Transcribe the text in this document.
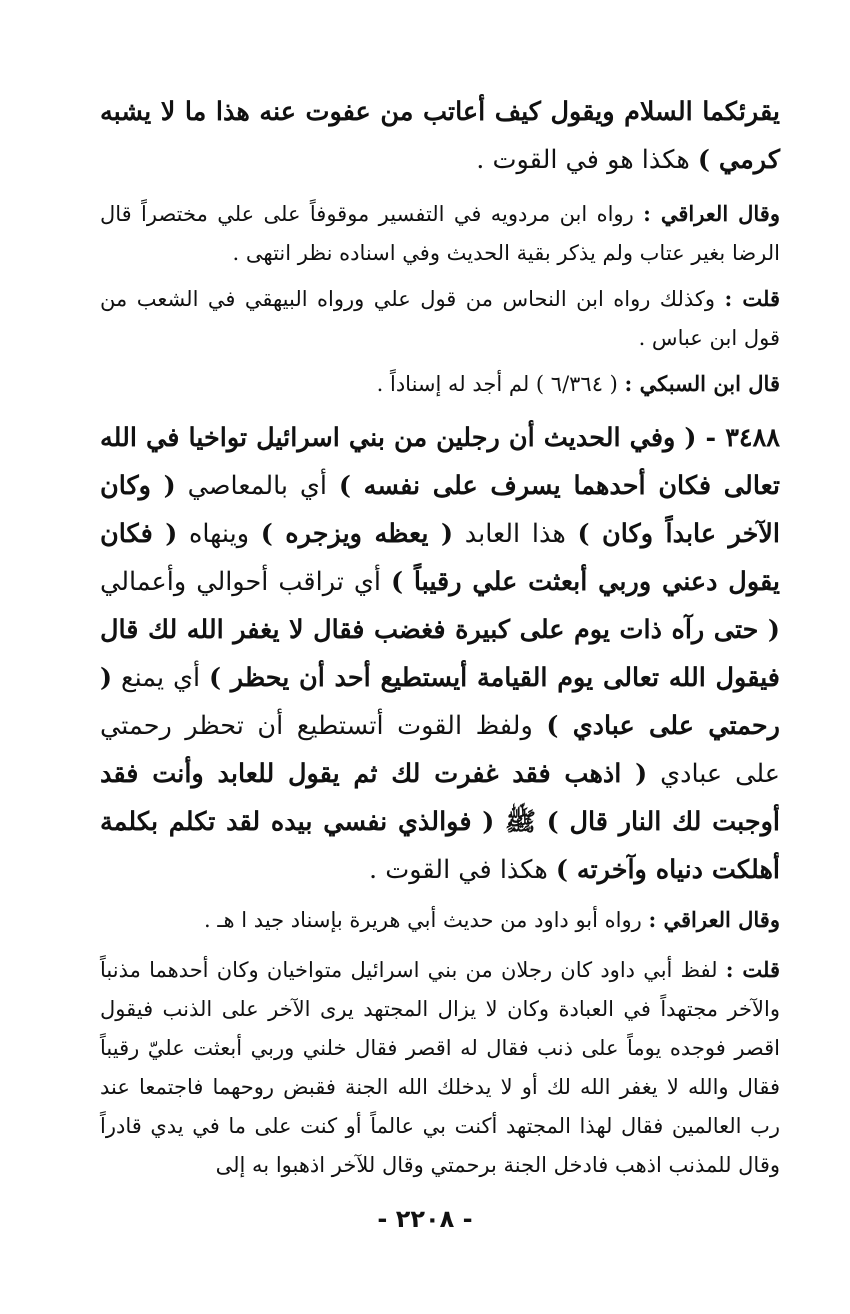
يقرئكما السلام ويقول كيف أعاتب من عفوت عنه هذا ما لا يشبه كرمي ) هكذا هو في القوت .

وقال العراقي : رواه ابن مردويه في التفسير موقوفاً على علي مختصراً قال الرضا بغير عتاب ولم يذكر بقية الحديث وفي اسناده نظر انتهى .

قلت : وكذلك رواه ابن النحاس من قول علي ورواه البيهقي في الشعب من قول ابن عباس .

قال ابن السبكي : ( ٦/٣٦٤ ) لم أجد له إسناداً .

٣٤٨٨ - ( وفي الحديث أن رجلين من بني اسرائيل تواخيا في الله تعالى فكان أحدهما يسرف على نفسه ) أي بالمعاصي ( وكان الآخر عابداً وكان ) هذا العابد ( يعظه ويزجره ) وينهاه ( فكان يقول دعني وربي أبعثت علي رقيباً ) أي تراقب أحوالي وأعمالي ( حتى رآه ذات يوم على كبيرة فغضب فقال لا يغفر الله لك قال فيقول الله تعالى يوم القيامة أيستطيع أحد أن يحظر ) أي يمنع ( رحمتي على عبادي ) ولفظ القوت أتستطيع أن تحظر رحمتي على عبادي ( اذهب فقد غفرت لك ثم يقول للعابد وأنت فقد أوجبت لك النار قال ) ﷺ ( فوالذي نفسي بيده لقد تكلم بكلمة أهلكت دنياه وآخرته ) هكذا في القوت .

وقال العراقي : رواه أبو داود من حديث أبي هريرة بإسناد جيد ا هـ .

قلت : لفظ أبي داود كان رجلان من بني اسرائيل متواخيان وكان أحدهما مذنباً والآخر مجتهداً في العبادة وكان لا يزال المجتهد يرى الآخر على الذنب فيقول اقصر فوجده يوماً على ذنب فقال له اقصر فقال خلني وربي أبعثت عليّ رقيباً فقال والله لا يغفر الله لك أو لا يدخلك الله الجنة فقبض روحهما فاجتمعا عند رب العالمين فقال لهذا المجتهد أكنت بي عالماً أو كنت على ما في يدي قادراً وقال للمذنب اذهب فادخل الجنة برحمتي وقال للآخر اذهبوا به إلى

- ٢٢٠٨ -
